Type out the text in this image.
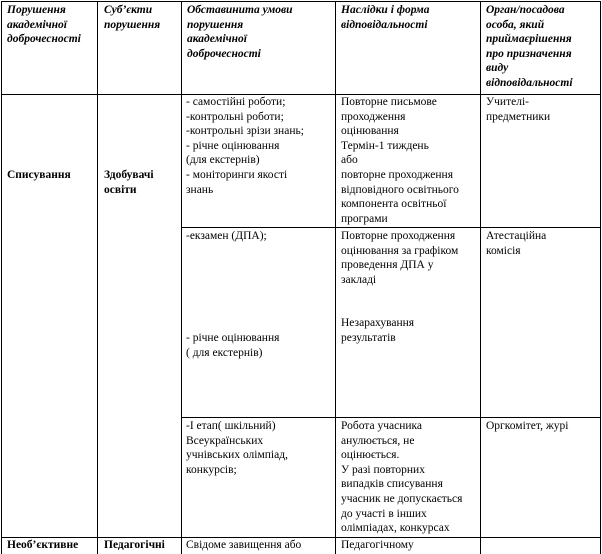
Порушення
академічної
доброчесності
Суб’єкти
порушення
Обставинита умови
порушення
академічної
доброчесності
Наслідки і форма
відповідальності
Орган/посадова
особа, який
приймаєрішення
про призначення
виду
відповідальності
Списування	Здобувачі
освіти
- самостійні роботи;
-контрольні роботи;
-контрольні зрізи знань;
- річне оцінювання
(для екстернів)
- моніторинги якості
знань
Повторне письмове
проходження
оцінювання
Термін-1 тиждень
або
повторне проходження
відповідного освітнього
компонента освітньої
програми
Учителі-
предметники
-екзамен (ДПА);
- річне оцінювання
( для екстернів)
Повторне проходження
оцінювання за графіком
проведення ДПА у
закладі
Незарахування
результатів
Атестаційна
комісія
-І етап( шкільний)
Всеукраїнських
учнівських олімпіад,
конкурсів;
Робота учасника
анулюється, не
оцінюється.
У разі повторних
випадків списування
учасник не допускається
до участі в інших
олімпіадах, конкурсах
Оргкомітет, журі
Необ’єктивне Педагогічні Свідоме завищення або	Педагогічному
